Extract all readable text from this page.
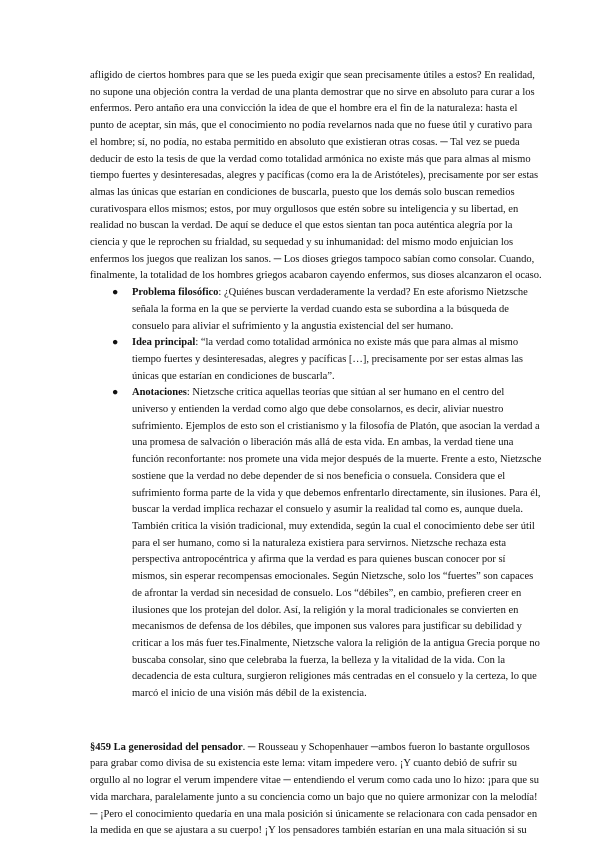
afligido de ciertos hombres para que se les pueda exigir que sean precisamente útiles a estos? En realidad, no supone una objeción contra la verdad de una planta demostrar que no sirve en absoluto para curar a los enfermos. Pero antaño era una convicción la idea de que el hombre era el fin de la naturaleza: hasta el punto de aceptar, sin más, que el conocimiento no podía revelarnos nada que no fuese útil y curativo para el hombre; sí, no podía, no estaba permitido en absoluto que existieran otras cosas. ─ Tal vez se pueda deducir de esto la tesis de que la verdad como totalidad armónica no existe más que para almas al mismo tiempo fuertes y desinteresadas, alegres y pacíficas (como era la de Aristóteles), precisamente por ser estas almas las únicas que estarían en condiciones de buscarla, puesto que los demás solo buscan remedios curativospara ellos mismos; estos, por muy orgullosos que estén sobre su inteligencia y su libertad, en realidad no buscan la verdad. De aquí se deduce el que estos sientan tan poca auténtica alegría por la ciencia y que le reprochen su frialdad, su sequedad y su inhumanidad: del mismo modo enjuician los enfermos los juegos que realizan los sanos. ─ Los dioses griegos tampoco sabían como consolar. Cuando, finalmente, la totalidad de los hombres griegos acabaron cayendo enfermos, sus dioses alcanzaron el ocaso.

● Problema filosófico: ¿Quiénes buscan verdaderamente la verdad? En este aforismo Nietzsche señala la forma en la que se pervierte la verdad cuando esta se subordina a la búsqueda de consuelo para aliviar el sufrimiento y la angustia existencial del ser humano.
● Idea principal: “la verdad como totalidad armónica no existe más que para almas al mismo tiempo fuertes y desinteresadas, alegres y pacíficas […], precisamente por ser estas almas las únicas que estarían en condiciones de buscarla”.
● Anotaciones: Nietzsche critica aquellas teorías que sitúan al ser humano en el centro del universo y entienden la verdad como algo que debe consolarnos, es decir, aliviar nuestro sufrimiento. Ejemplos de esto son el cristianismo y la filosofía de Platón, que asocian la verdad a una promesa de salvación o liberación más allá de esta vida. En ambas, la verdad tiene una función reconfortante: nos promete una vida mejor después de la muerte. Frente a esto, Nietzsche sostiene que la verdad no debe depender de si nos beneficia o consuela. Considera que el sufrimiento forma parte de la vida y que debemos enfrentarlo directamente, sin ilusiones. Para él, buscar la verdad implica rechazar el consuelo y asumir la realidad tal como es, aunque duela. También critica la visión tradicional, muy extendida, según la cual el conocimiento debe ser útil para el ser humano, como si la naturaleza existiera para servirnos. Nietzsche rechaza esta perspectiva antropocéntrica y afirma que la verdad es para quienes buscan conocer por sí mismos, sin esperar recompensas emocionales. Según Nietzsche, solo los “fuertes” son capaces de afrontar la verdad sin necesidad de consuelo. Los “débiles”, en cambio, prefieren creer en ilusiones que los protejan del dolor. Así, la religión y la moral tradicionales se convierten en mecanismos de defensa de los débiles, que imponen sus valores para justificar su debilidad y criticar a los más fuer tes.Finalmente, Nietzsche valora la religión de la antigua Grecia porque no buscaba consolar, sino que celebraba la fuerza, la belleza y la vitalidad de la vida. Con la decadencia de esta cultura, surgieron religiones más centradas en el consuelo y la certeza, lo que marcó el inicio de una visión más débil de la existencia.

§459 La generosidad del pensador. ─ Rousseau y Schopenhauer ─ambos fueron lo bastante orgullosos para grabar como divisa de su existencia este lema: vitam impedere vero. ¡Y cuanto debió de sufrir su orgullo al no lograr el verum impendere vitae ─ entendiendo el verum como cada uno lo hizo: ¡para que su vida marchara, paralelamente junto a su conciencia como un bajo que no quiere armonizar con la melodía! ─ ¡Pero el conocimiento quedaría en una mala posición si únicamente se relacionara con cada pensador en la medida en que se ajustara a su cuerpo! ¡Y los pensadores también estarían en una mala situación si su
